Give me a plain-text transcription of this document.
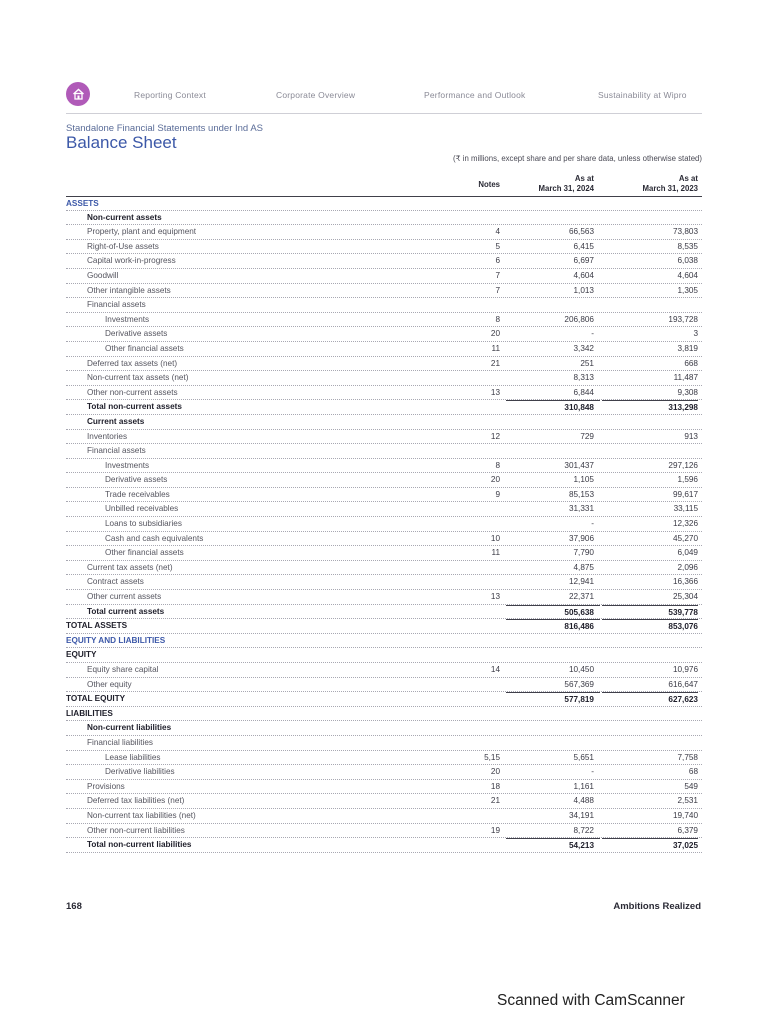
Reporting Context	Corporate Overview	Performance and Outlook	Sustainability at Wipro
Standalone Financial Statements under Ind AS
Balance Sheet
(₹ in millions, except share and per share data, unless otherwise stated)
Notes
As at
March 31, 2024
As at
March 31, 2023
ASSETS
Non-current assets
Property, plant and equipment	4	66,563	73,803
Right-of-Use assets	5	6,415	8,535
Capital work-in-progress	6	6,697	6,038
Goodwill	7	4,604	4,604
Other intangible assets	7	1,013	1,305
Financial assets
Investments	8	206,806	193,728
Derivative assets	20	-	3
Other financial assets	11	3,342	3,819
Deferred tax assets (net)	21	251	668
Non-current tax assets (net)	8,313	11,487
Other non-current assets	13	6,844	9,308
Total non-current assets	310,848	313,298
Current assets
Inventories	12	729	913
Financial assets
Investments	8	301,437	297,126
Derivative assets	20	1,105	1,596
Trade receivables	9	85,153	99,617
Unbilled receivables	31,331	33,115
Loans to subsidiaries	-	12,326
Cash and cash equivalents	10	37,906	45,270
Other financial assets	11	7,790	6,049
Current tax assets (net)	4,875	2,096
Contract assets	12,941	16,366
Other current assets	13	22,371	25,304
Total current assets	505,638	539,778
TOTAL ASSETS	816,486	853,076
EQUITY AND LIABILITIES
EQUITY
Equity share capital	14	10,450	10,976
Other equity	567,369	616,647
TOTAL EQUITY	577,819	627,623
LIABILITIES
Non-current liabilities
Financial liabilities
Lease liabilities	5,15	5,651	7,758
Derivative liabilities	20	-	68
Provisions	18	1,161	549
Deferred tax liabilities (net)	21	4,488	2,531
Non-current tax liabilities (net)	34,191	19,740
Other non-current liabilities	19	8,722	6,379
Total non-current liabilities	54,213	37,025
168	Ambitions Realized
Scanned with CamScanner
